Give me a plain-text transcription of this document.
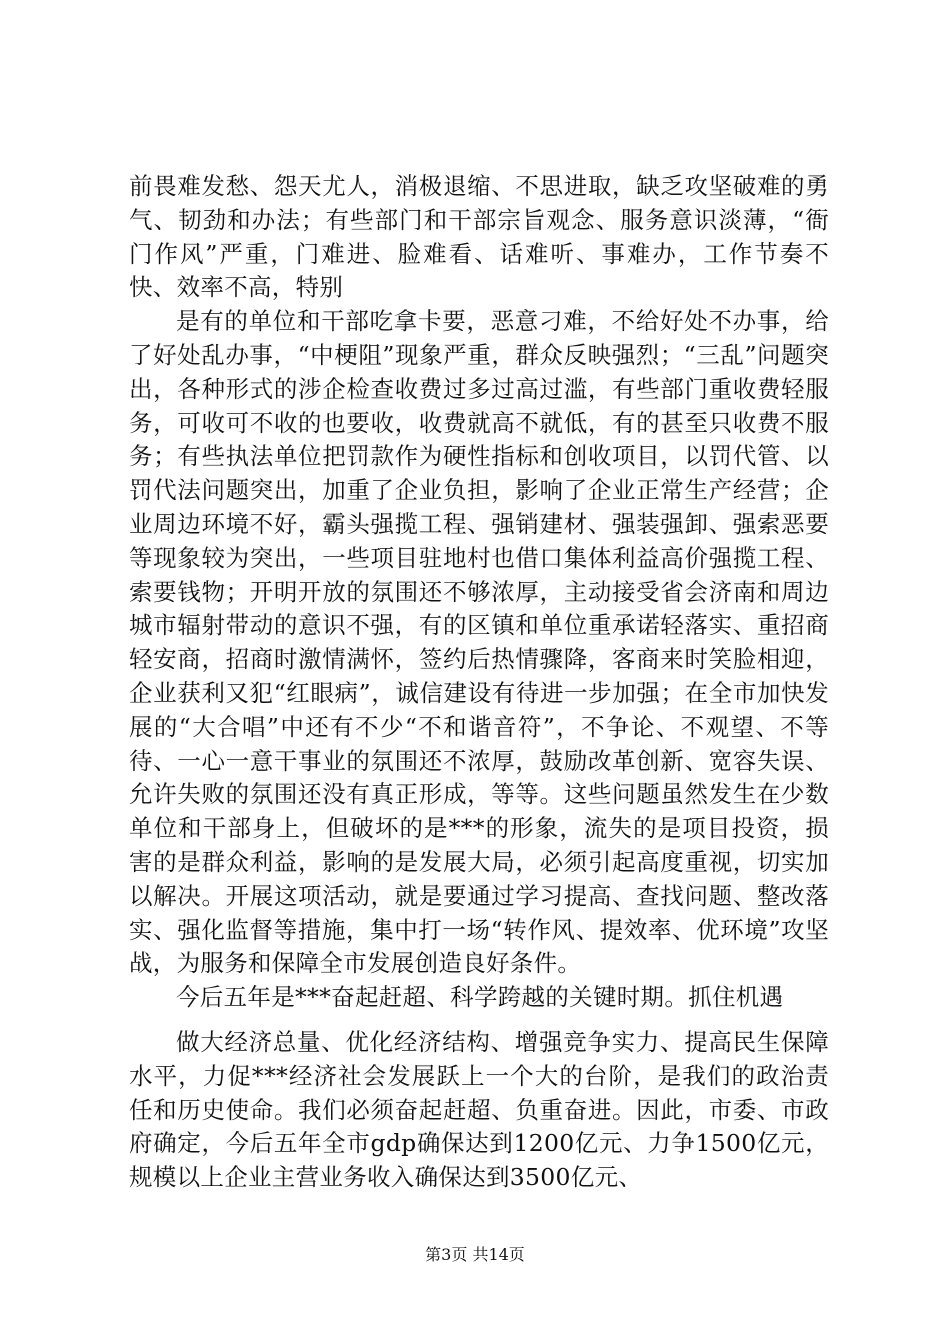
前畏难发愁、怨天尤人，消极退缩、不思进取，缺乏攻坚破难的勇气、韧劲和办法；有些部门和干部宗旨观念、服务意识淡薄，“衙门作风”严重，门难进、脸难看、话难听、事难办，工作节奏不快、效率不高，特别

是有的单位和干部吃拿卡要，恶意刁难，不给好处不办事，给了好处乱办事，“中梗阻”现象严重，群众反映强烈；“三乱”问题突出，各种形式的涉企检查收费过多过高过滥，有些部门重收费轻服务，可收可不收的也要收，收费就高不就低，有的甚至只收费不服务；有些执法单位把罚款作为硬性指标和创收项目，以罚代管、以罚代法问题突出，加重了企业负担，影响了企业正常生产经营；企业周边环境不好，霸头强揽工程、强销建材、强装强卸、强索恶要等现象较为突出，一些项目驻地村也借口集体利益高价强揽工程、索要钱物；开明开放的氛围还不够浓厚，主动接受省会济南和周边城市辐射带动的意识不强，有的区镇和单位重承诺轻落实、重招商轻安商，招商时激情满怀，签约后热情骤降，客商来时笑脸相迎，企业获利又犯“红眼病”，诚信建设有待进一步加强；在全市加快发展的“大合唱”中还有不少“不和谐音符”，不争论、不观望、不等待、一心一意干事业的氛围还不浓厚，鼓励改革创新、宽容失误、允许失败的氛围还没有真正形成，等等。这些问题虽然发生在少数单位和干部身上，但破坏的是***的形象，流失的是项目投资，损害的是群众利益，影响的是发展大局，必须引起高度重视，切实加以解决。开展这项活动，就是要通过学习提高、查找问题、整改落实、强化监督等措施，集中打一场“转作风、提效率、优环境”攻坚战，为服务和保障全市发展创造良好条件。

今后五年是***奋起赶超、科学跨越的关键时期。抓住机遇

做大经济总量、优化经济结构、增强竞争实力、提高民生保障水平，力促***经济社会发展跃上一个大的台阶，是我们的政治责任和历史使命。我们必须奋起赶超、负重奋进。因此，市委、市政府确定，今后五年全市gdp确保达到1200亿元、力争1500亿元，规模以上企业主营业务收入确保达到3500亿元、

第3页 共14页
